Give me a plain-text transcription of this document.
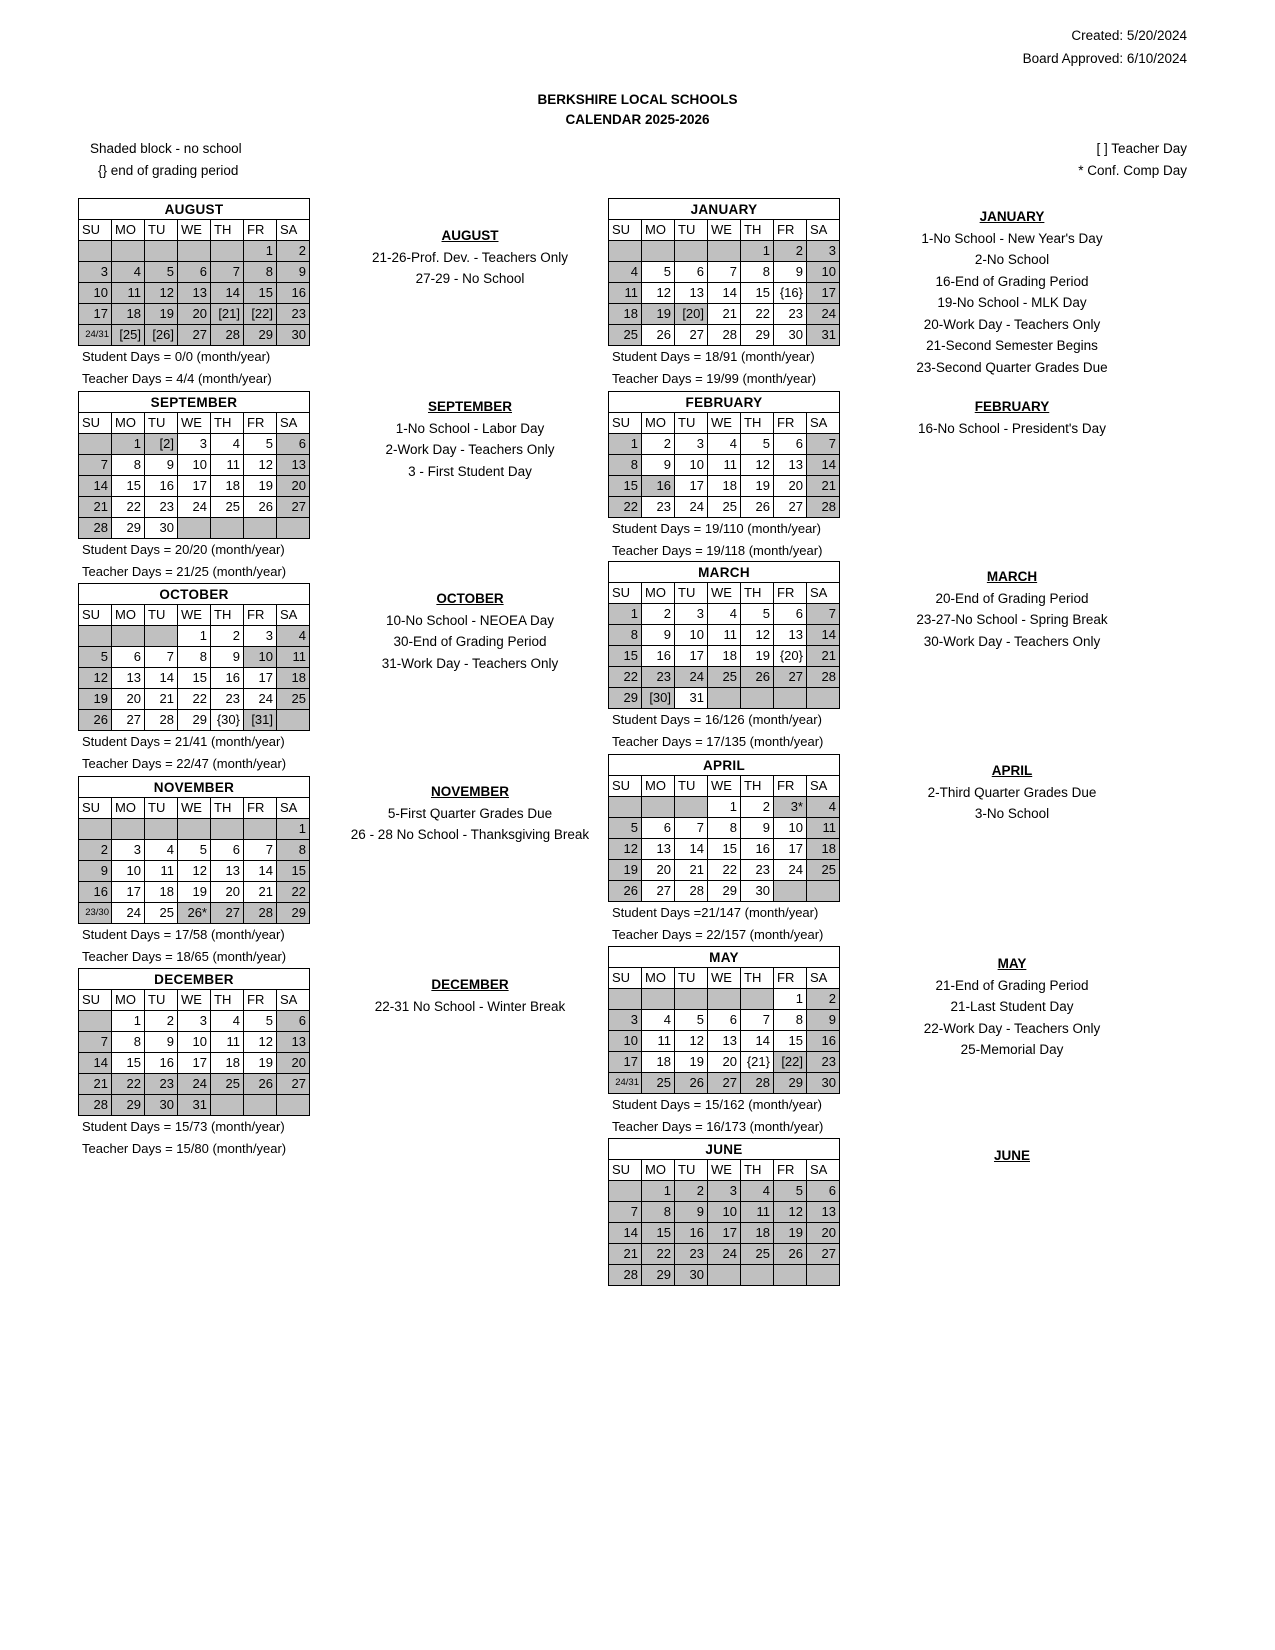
Created: 5/20/2024
Board Approved: 6/10/2024
BERKSHIRE LOCAL SCHOOLS
CALENDAR 2025-2026
Shaded block - no school
{} end of grading period
[ ] Teacher Day
* Conf. Comp Day
AUGUST						
SU	MO	TU	WE	TH	FR	SA
					1	2
3	4	5	6	7	8	9
10	11	12	13	14	15	16
17	18	19	20	[21]	[22]	23
24/31	[25]	[26]	27	28	29	30
Student Days = 0/0 (month/year)
Teacher Days = 4/4 (month/year)
SEPTEMBER						
SU	MO	TU	WE	TH	FR	SA
	1	[2]	3	4	5	6
7	8	9	10	11	12	13
14	15	16	17	18	19	20
21	22	23	24	25	26	27
28	29	30				
Student Days = 20/20 (month/year)
Teacher Days = 21/25 (month/year)
OCTOBER						
SU	MO	TU	WE	TH	FR	SA
			1	2	3	4
5	6	7	8	9	10	11
12	13	14	15	16	17	18
19	20	21	22	23	24	25
26	27	28	29	{30}	[31]	
Student Days = 21/41 (month/year)
Teacher Days = 22/47 (month/year)
NOVEMBER						
SU	MO	TU	WE	TH	FR	SA
						1
2	3	4	5	6	7	8
9	10	11	12	13	14	15
16	17	18	19	20	21	22
23/30	24	25	26*	27	28	29
Student Days = 17/58 (month/year)
Teacher Days = 18/65 (month/year)
DECEMBER						
SU	MO	TU	WE	TH	FR	SA
	1	2	3	4	5	6
7	8	9	10	11	12	13
14	15	16	17	18	19	20
21	22	23	24	25	26	27
28	29	30	31			
Student Days = 15/73 (month/year)
Teacher Days = 15/80 (month/year)
AUGUST
21-26-Prof. Dev. - Teachers Only
27-29 - No School
SEPTEMBER
1-No School - Labor Day
2-Work Day - Teachers Only
3 - First Student Day
OCTOBER
10-No School - NEOEA Day
30-End of Grading Period
31-Work Day - Teachers Only
NOVEMBER
5-First Quarter Grades Due
26 - 28 No School - Thanksgiving Break
DECEMBER
22-31 No School - Winter Break
JANUARY						
SU	MO	TU	WE	TH	FR	SA
				1	2	3
4	5	6	7	8	9	10
11	12	13	14	15	{16}	17
18	19	[20]	21	22	23	24
25	26	27	28	29	30	31
Student Days = 18/91 (month/year)
Teacher Days = 19/99 (month/year)
FEBRUARY						
SU	MO	TU	WE	TH	FR	SA
1	2	3	4	5	6	7
8	9	10	11	12	13	14
15	16	17	18	19	20	21
22	23	24	25	26	27	28
Student Days = 19/110 (month/year)
Teacher Days = 19/118 (month/year)
MARCH						
SU	MO	TU	WE	TH	FR	SA
1	2	3	4	5	6	7
8	9	10	11	12	13	14
15	16	17	18	19	{20}	21
22	23	24	25	26	27	28
29	[30]	31				
Student Days = 16/126 (month/year)
Teacher Days = 17/135 (month/year)
APRIL						
SU	MO	TU	WE	TH	FR	SA
			1	2	3*	4
5	6	7	8	9	10	11
12	13	14	15	16	17	18
19	20	21	22	23	24	25
26	27	28	29	30		
Student Days =21/147 (month/year)
Teacher Days = 22/157 (month/year)
MAY						
SU	MO	TU	WE	TH	FR	SA
					1	2
3	4	5	6	7	8	9
10	11	12	13	14	15	16
17	18	19	20	{21}	[22]	23
24/31	25	26	27	28	29	30
Student Days = 15/162 (month/year)
Teacher Days = 16/173 (month/year)
JUNE						
SU	MO	TU	WE	TH	FR	SA
	1	2	3	4	5	6
7	8	9	10	11	12	13
14	15	16	17	18	19	20
21	22	23	24	25	26	27
28	29	30				
JANUARY
1-No School - New Year's Day
2-No School
16-End of Grading Period
19-No School - MLK Day
20-Work Day - Teachers Only
21-Second Semester Begins
23-Second Quarter Grades Due
FEBRUARY
16-No School - President's Day
MARCH
20-End of Grading Period
23-27-No School - Spring Break
30-Work Day - Teachers Only
APRIL
2-Third Quarter Grades Due
3-No School
MAY
21-End of Grading Period
21-Last Student Day
22-Work Day - Teachers Only
25-Memorial Day
JUNE
